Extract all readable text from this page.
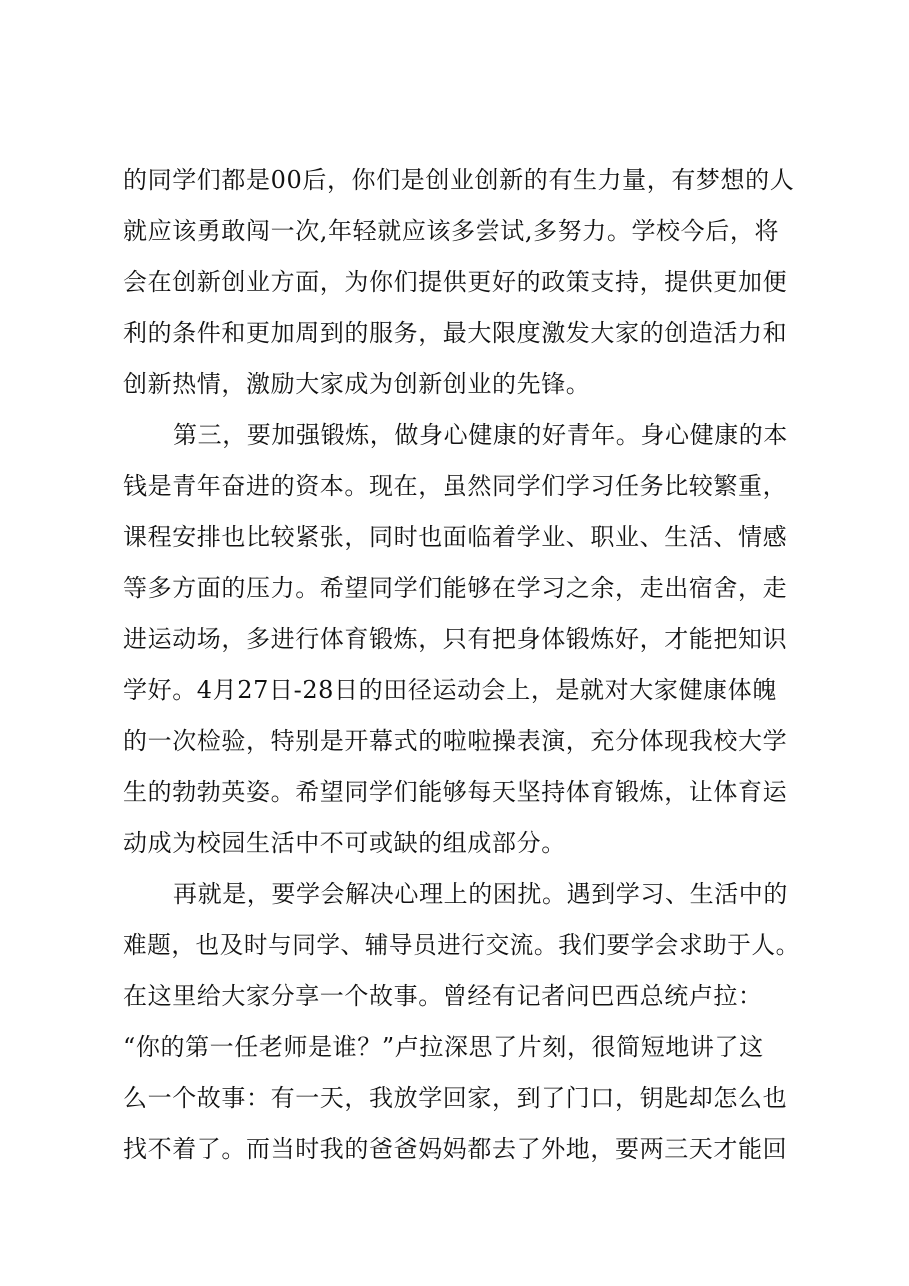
的同学们都是00后，你们是创业创新的有生力量，有梦想的人
就应该勇敢闯一次,年轻就应该多尝试,多努力。学校今后，将
会在创新创业方面，为你们提供更好的政策支持，提供更加便
利的条件和更加周到的服务，最大限度激发大家的创造活力和
创新热情，激励大家成为创新创业的先锋。
第三，要加强锻炼，做身心健康的好青年。身心健康的本
钱是青年奋进的资本。现在，虽然同学们学习任务比较繁重，
课程安排也比较紧张，同时也面临着学业、职业、生活、情感
等多方面的压力。希望同学们能够在学习之余，走出宿舍，走
进运动场，多进行体育锻炼，只有把身体锻炼好，才能把知识
学好。4月27日-28日的田径运动会上，是就对大家健康体魄
的一次检验，特别是开幕式的啦啦操表演，充分体现我校大学
生的勃勃英姿。希望同学们能够每天坚持体育锻炼，让体育运
动成为校园生活中不可或缺的组成部分。
再就是，要学会解决心理上的困扰。遇到学习、生活中的
难题，也及时与同学、辅导员进行交流。我们要学会求助于人。
在这里给大家分享一个故事。曾经有记者问巴西总统卢拉：
“你的第一任老师是谁？”卢拉深思了片刻，很简短地讲了这
么一个故事：有一天，我放学回家，到了门口，钥匙却怎么也
找不着了。而当时我的爸爸妈妈都去了外地，要两三天才能回
